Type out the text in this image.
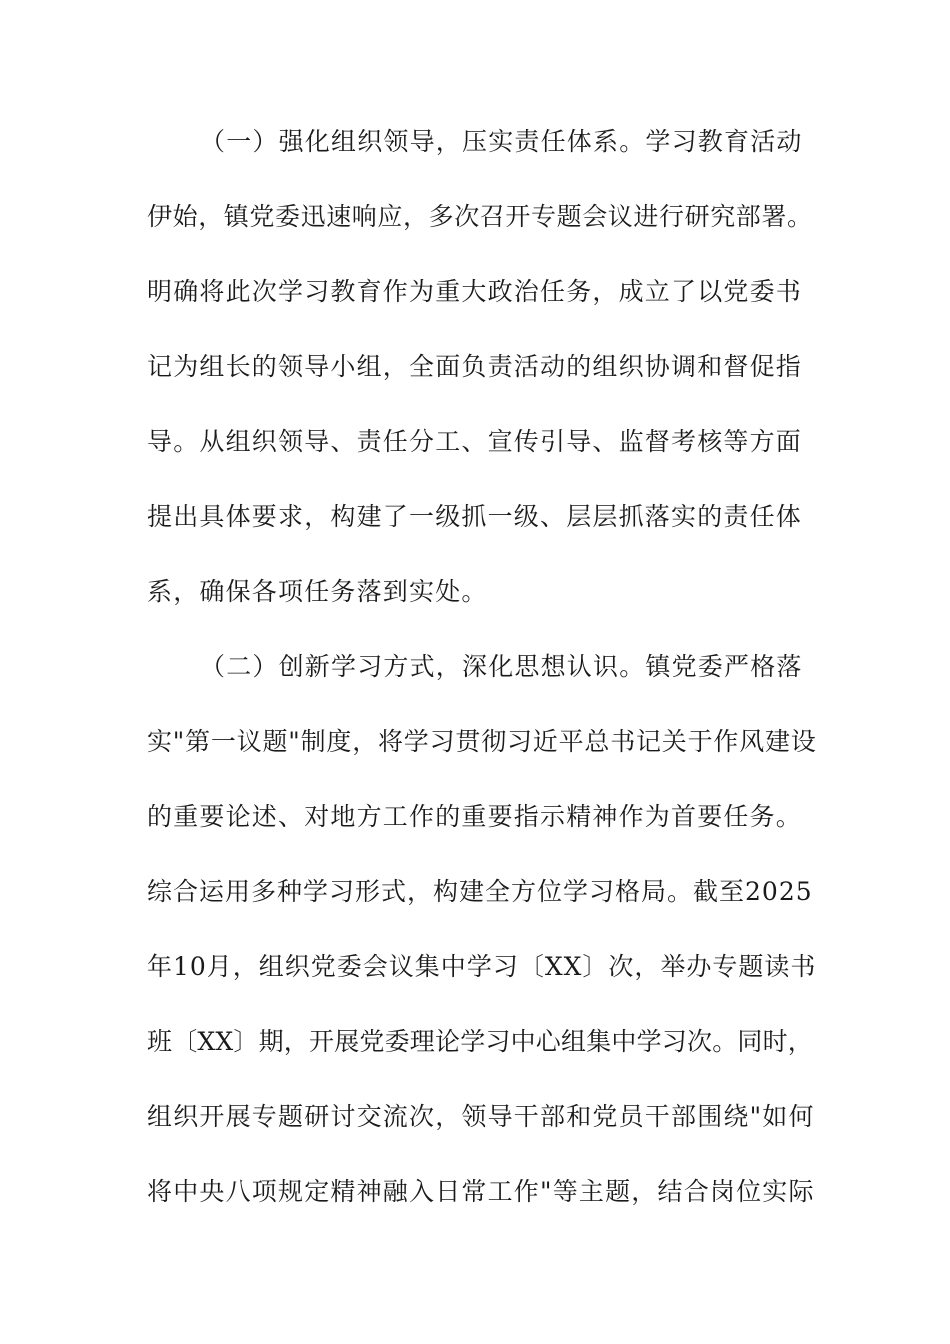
（一）强化组织领导，压实责任体系。学习教育活动
伊始，镇党委迅速响应，多次召开专题会议进行研究部署。
明确将此次学习教育作为重大政治任务，成立了以党委书
记为组长的领导小组，全面负责活动的组织协调和督促指
导。从组织领导、责任分工、宣传引导、监督考核等方面
提出具体要求，构建了一级抓一级、层层抓落实的责任体
系，确保各项任务落到实处。
（二）创新学习方式，深化思想认识。镇党委严格落
实"第一议题"制度，将学习贯彻习近平总书记关于作风建设
的重要论述、对地方工作的重要指示精神作为首要任务。
综合运用多种学习形式，构建全方位学习格局。截至2025
年10月，组织党委会议集中学习〔XX〕次，举办专题读书
班〔XX〕期，开展党委理论学习中心组集中学习次。同时，
组织开展专题研讨交流次，领导干部和党员干部围绕"如何
将中央八项规定精神融入日常工作"等主题，结合岗位实际
